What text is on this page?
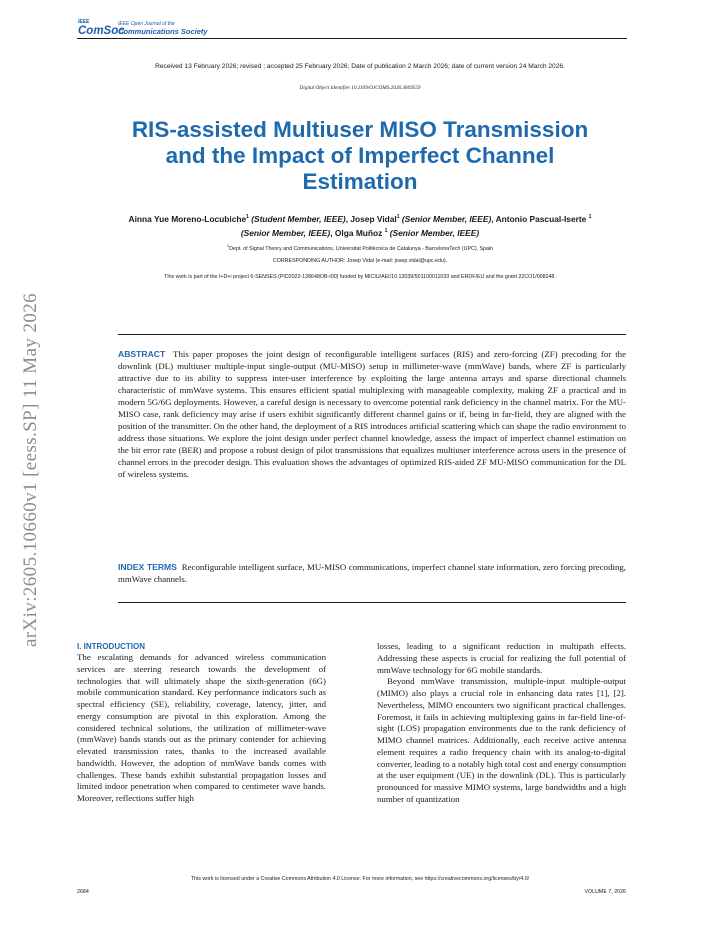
IEEE
ComSoc
IEEE Open Journal of the
Communications Society
Received 13 February 2026; revised ; accepted 25 February 2026; Date of publication 2 March 2026; date of current version 24 March 2026.
Digital Object Identifier 10.1109/OJCOMS.2026.3669559
RIS-assisted Multiuser MISO Transmission and the Impact of Imperfect Channel Estimation
Ainna Yue Moreno-Locubiche$^1$ (Student Member, IEEE), Josep Vidal$^1$ (Senior Member, IEEE), Antonio Pascual-Iserte $^1$ (Senior Member, IEEE), Olga Muñoz $^1$ (Senior Member, IEEE)
$^1$Dept. of Signal Theory and Communications, Universitat Politècnica de Catalunya - BarcelonaTech (UPC), Spain
CORRESPONDING AUTHOR: Josep Vidal (e-mail: josep.vidal@upc.edu).
This work is part of the I+D+i project 6-SENSES (PID2022-138648OB-I00) funded by MICIU/AEI/10.13039/501100011033 and ERDF/EU and the grant 22CO1/008248.
ABSTRACT This paper proposes the joint design of reconfigurable intelligent surfaces (RIS) and zero-forcing (ZF) precoding for the downlink (DL) multiuser multiple-input single-output (MU-MISO) setup in millimeter-wave (mmWave) bands, where ZF is particularly attractive due to its ability to suppress inter-user interference by exploiting the large antenna arrays and sparse directional channels characteristic of mmWave systems. This ensures efficient spatial multiplexing with manageable complexity, making ZF a practical and in modern 5G/6G deployments. However, a careful design is necessary to overcome potential rank deficiency in the channel matrix. For the MU-MISO case, rank deficiency may arise if users exhibit significantly different channel gains or if, being in far-field, they are aligned with the position of the transmitter. On the other hand, the deployment of a RIS introduces artificial scattering which can shape the radio environment to address those situations. We explore the joint design under perfect channel knowledge, assess the impact of imperfect channel estimation on the bit error rate (BER) and propose a robust design of pilot transmissions that equalizes multiuser interference across users in the presence of channel errors in the precoder design. This evaluation shows the advantages of optimized RIS-aided ZF MU-MISO communication for the DL of wireless systems.
INDEX TERMS Reconfigurable intelligent surface, MU-MISO communications, imperfect channel state information, zero forcing precoding, mmWave channels.
arXiv:2605.10660v1 [eess.SP] 11 May 2026	I. INTRODUCTION

The escalating demands for advanced wireless communication services are steering research towards the development of technologies that will ultimately shape the sixth-generation (6G) mobile communication standard. Key performance indicators such as spectral efficiency (SE), reliability, coverage, latency, jitter, and energy consumption are pivotal in this exploration. Among the considered technical solutions, the utilization of millimeter-wave (mmWave) bands stands out as the primary contender for achieving elevated transmission rates, thanks to the increased available bandwidth. However, the adoption of mmWave bands comes with challenges. These bands exhibit substantial propagation losses and limited indoor penetration when compared to centimeter wave bands. Moreover, reflections suffer high

losses, leading to a significant reduction in multipath effects. Addressing these aspects is crucial for realizing the full potential of mmWave technology for 6G mobile standards.

Beyond mmWave transmission, multiple-input multiple-output (MIMO) also plays a crucial role in enhancing data rates [1], [2]. Nevertheless, MIMO encounters two significant practical challenges. Foremost, it fails in achieving multiplexing gains in far-field line-of-sight (LOS) propagation environments due to the rank deficiency of MIMO channel matrices. Additionally, each receive active antenna element requires a radio frequency chain with its analog-to-digital converter, leading to a notably high total cost and energy consumption at the user equipment (UE) in the downlink (DL). This is particularly pronounced for massive MIMO systems, large bandwidths and a high number of quantization

This work is licensed under a Creative Commons Attribution 4.0 License. For more information, see https://creativecommons.org/licenses/by/4.0/
2684	VOLUME 7, 2026
